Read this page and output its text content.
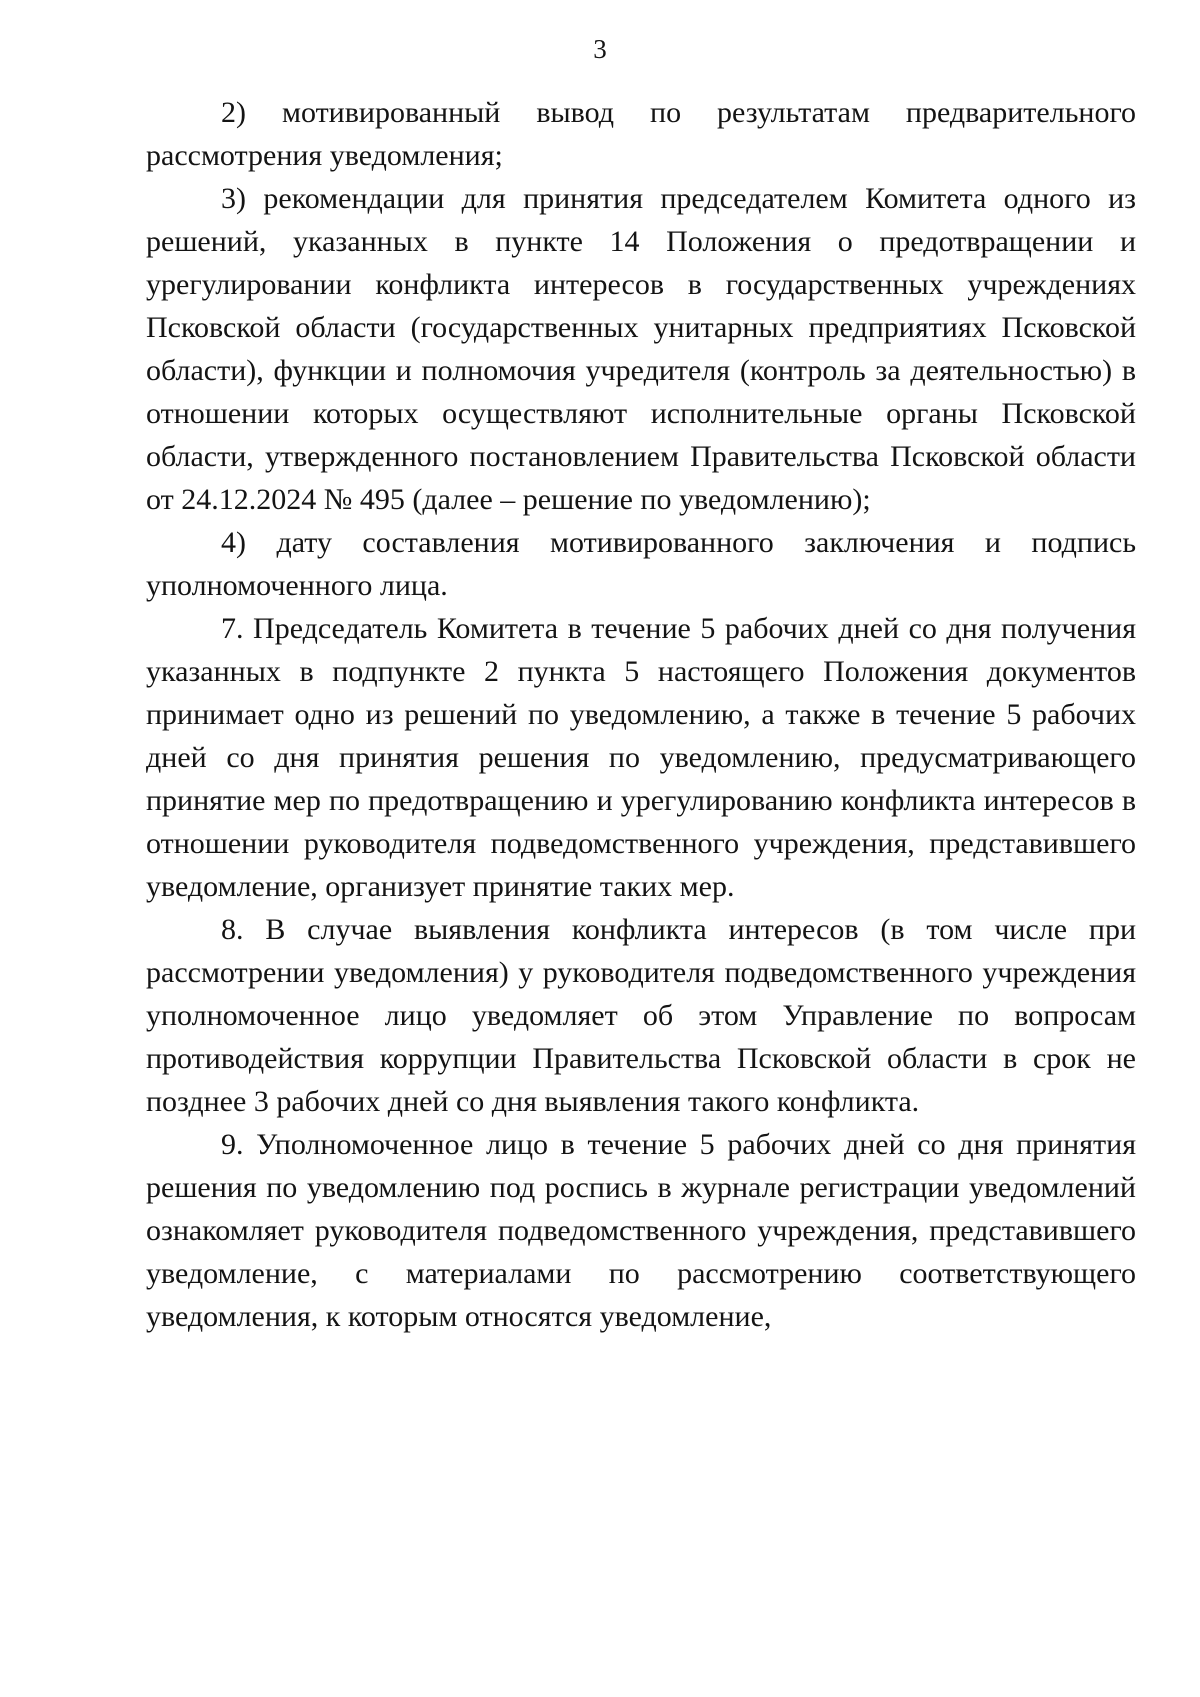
3

2) мотивированный вывод по результатам предварительного рассмотрения уведомления;

3) рекомендации для принятия председателем Комитета одного из решений, указанных в пункте 14 Положения о предотвращении и урегулировании конфликта интересов в государственных учреждениях Псковской области (государственных унитарных предприятиях Псковской области), функции и полномочия учредителя (контроль за деятельностью) в отношении которых осуществляют исполнительные органы Псковской области, утвержденного постановлением Правительства Псковской области от 24.12.2024 № 495 (далее – решение по уведомлению);

4) дату составления мотивированного заключения и подпись уполномоченного лица.

7. Председатель Комитета в течение 5 рабочих дней со дня получения указанных в подпункте 2 пункта 5 настоящего Положения документов принимает одно из решений по уведомлению, а также в течение 5 рабочих дней со дня принятия решения по уведомлению, предусматривающего принятие мер по предотвращению и урегулированию конфликта интересов в отношении руководителя подведомственного учреждения, представившего уведомление, организует принятие таких мер.

8. В случае выявления конфликта интересов (в том числе при рассмотрении уведомления) у руководителя подведомственного учреждения уполномоченное лицо уведомляет об этом Управление по вопросам противодействия коррупции Правительства Псковской области в срок не позднее 3 рабочих дней со дня выявления такого конфликта.

9. Уполномоченное лицо в течение 5 рабочих дней со дня принятия решения по уведомлению под роспись в журнале регистрации уведомлений ознакомляет руководителя подведомственного учреждения, представившего уведомление, с материалами по рассмотрению соответствующего уведомления, к которым относятся уведомление,
